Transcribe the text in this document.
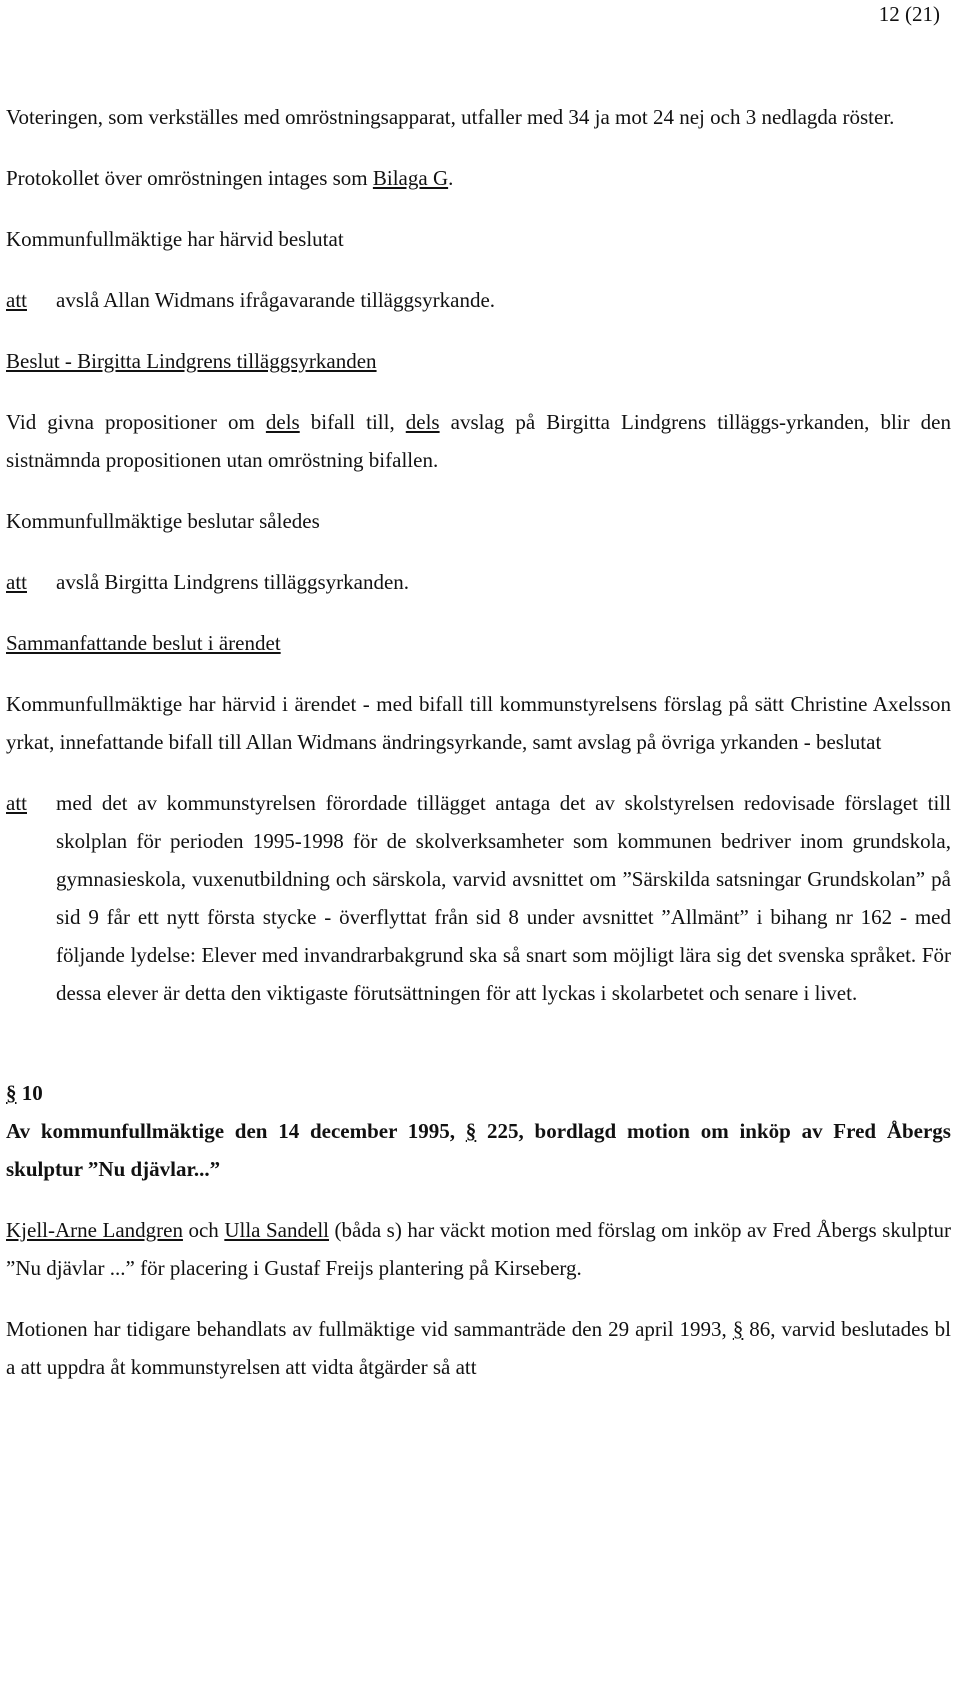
12 (21)

Voteringen, som verkställes med omröstningsapparat, utfaller med 34 ja mot 24 nej och 3 nedlagda röster.

Protokollet över omröstningen intages som Bilaga G.

Kommunfullmäktige har härvid beslutat

att	avslå Allan Widmans ifrågavarande tilläggsyrkande.

Beslut - Birgitta Lindgrens tilläggsyrkanden

Vid givna propositioner om dels bifall till, dels avslag på Birgitta Lindgrens tilläggs-yrkanden, blir den sistnämnda propositionen utan omröstning bifallen.

Kommunfullmäktige beslutar således

att	avslå Birgitta Lindgrens tilläggsyrkanden.

Sammanfattande beslut i ärendet

Kommunfullmäktige har härvid i ärendet - med bifall till kommunstyrelsens förslag på sätt Christine Axelsson yrkat, innefattande bifall till Allan Widmans ändringsyrkande, samt avslag på övriga yrkanden - beslutat

att	med det av kommunstyrelsen förordade tillägget antaga det av skolstyrelsen redovisade förslaget till skolplan för perioden 1995-1998 för de skolverksamheter som kommunen bedriver inom grundskola, gymnasieskola, vuxenutbildning och särskola, varvid avsnittet om ”Särskilda satsningar Grundskolan” på sid 9 får ett nytt första stycke - överflyttat från sid 8 under avsnittet ”Allmänt” i bihang nr 162 - med följande lydelse: Elever med invandrarbakgrund ska så snart som möjligt lära sig det svenska språket. För dessa elever är detta den viktigaste förutsättningen för att lyckas i skolarbetet och senare i livet.

§ 10

Av kommunfullmäktige den 14 december 1995, § 225, bordlagd motion om inköp av Fred Åbergs skulptur ”Nu djävlar...”

Kjell-Arne Landgren och Ulla Sandell (båda s) har väckt motion med förslag om inköp av Fred Åbergs skulptur ”Nu djävlar ...” för placering i Gustaf Freijs plantering på Kirseberg.

Motionen har tidigare behandlats av fullmäktige vid sammanträde den 29 april 1993, § 86, varvid beslutades bl a att uppdra åt kommunstyrelsen att vidta åtgärder så att
